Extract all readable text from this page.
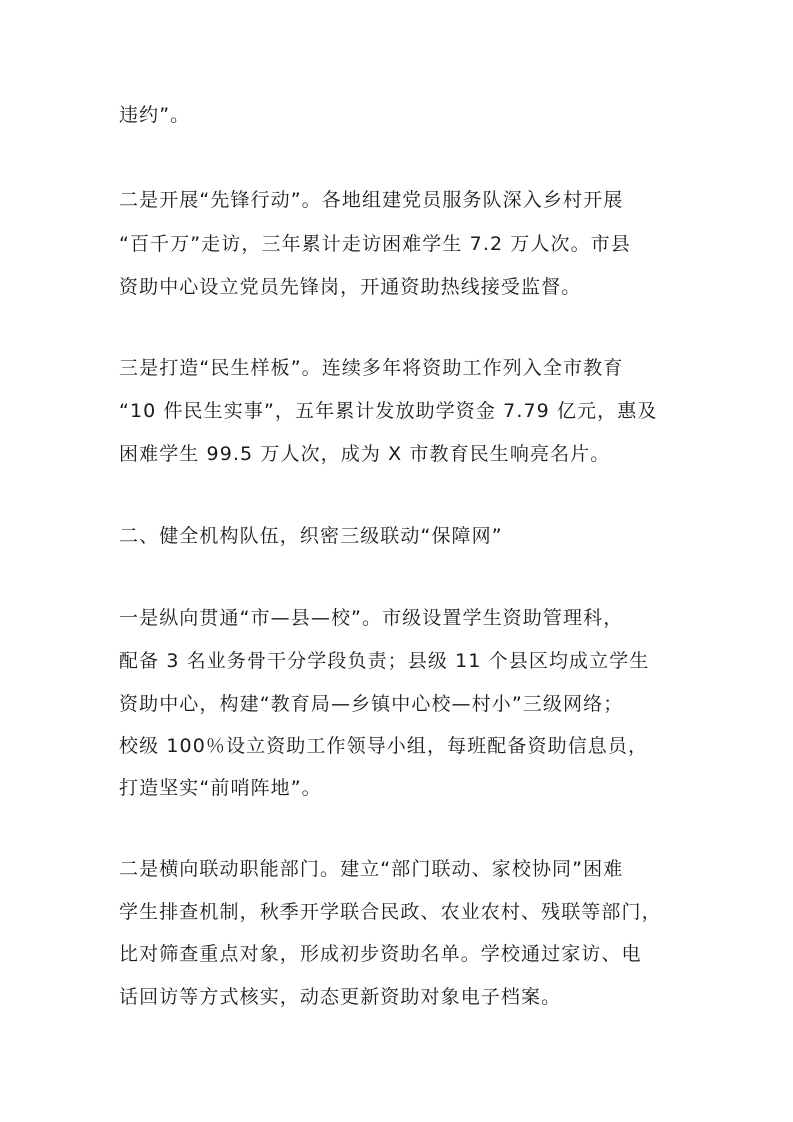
违约”。
二是开展“先锋行动”。各地组建党员服务队深入乡村开展
“百千万”走访，三年累计走访困难学生 7.2 万人次。市县
资助中心设立党员先锋岗，开通资助热线接受监督。
三是打造“民生样板”。连续多年将资助工作列入全市教育
“10 件民生实事”，五年累计发放助学资金 7.79 亿元，惠及
困难学生 99.5 万人次，成为 X 市教育民生响亮名片。
二、健全机构队伍，织密三级联动“保障网”
一是纵向贯通“市—县—校”。市级设置学生资助管理科，
配备 3 名业务骨干分学段负责；县级 11 个县区均成立学生
资助中心，构建“教育局—乡镇中心校—村小”三级网络；
校级 100％设立资助工作领导小组，每班配备资助信息员，
打造坚实“前哨阵地”。
二是横向联动职能部门。建立“部门联动、家校协同”困难
学生排查机制，秋季开学联合民政、农业农村、残联等部门，
比对筛查重点对象，形成初步资助名单。学校通过家访、电
话回访等方式核实，动态更新资助对象电子档案。
